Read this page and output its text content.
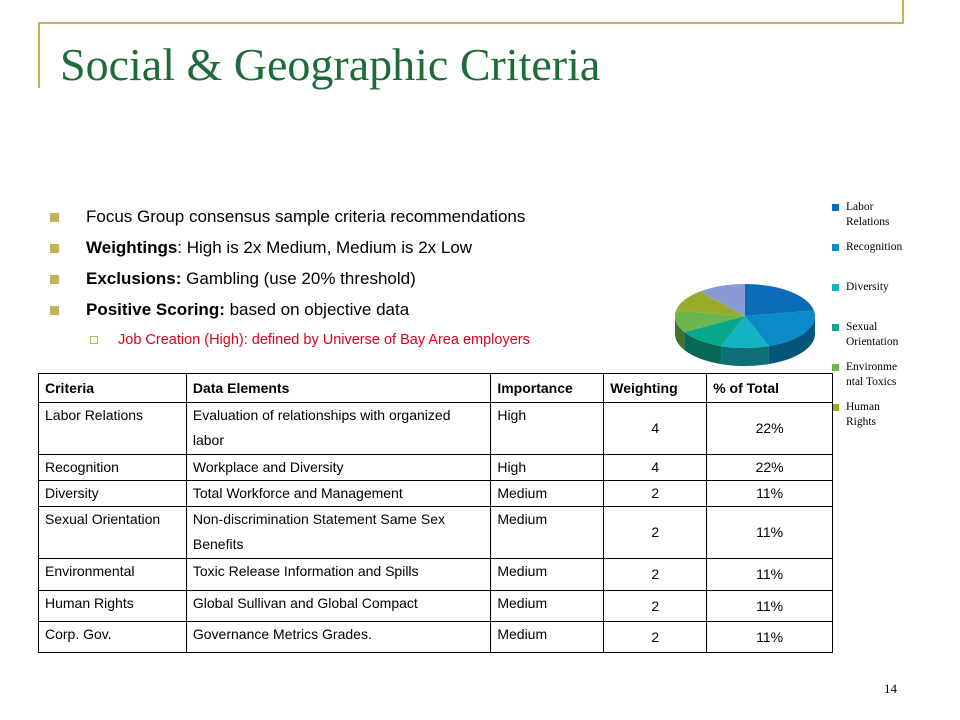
Social & Geographic Criteria
Focus Group consensus sample criteria recommendations
Weightings: High is 2x Medium, Medium is 2x Low
Exclusions: Gambling (use 20% threshold)
Positive Scoring: based on objective data
Job Creation (High): defined by Universe of Bay Area employers
Labor
Relations
Recognition
Diversity
Sexual
Orientation
Environme
ntal Toxics
Human
Rights
Criteria	Data Elements	Importance	Weighting	% of Total
Labor Relations	Evaluation of relationships with organized labor	High	4	22%
Recognition	Workplace and Diversity	High	4	22%
Diversity	Total Workforce and Management	Medium	2	11%
Sexual Orientation	Non-discrimination Statement Same Sex Benefits	Medium	2	11%
Environmental	Toxic Release Information and Spills	Medium	2	11%
Human Rights	Global Sullivan and Global Compact	Medium	2	11%
Corp. Gov.	Governance Metrics Grades.	Medium	2	11%
14
